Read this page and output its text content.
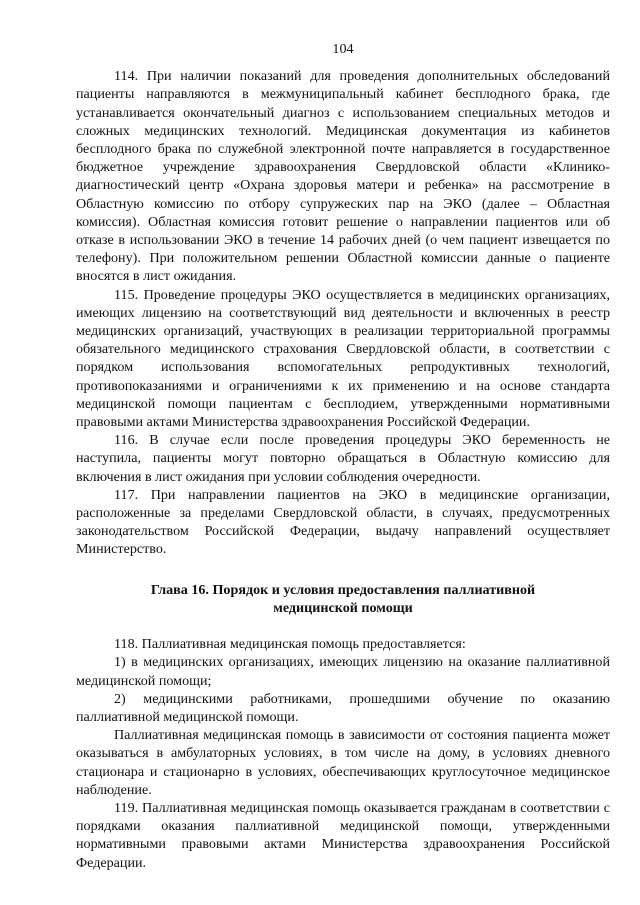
104

114. При наличии показаний для проведения дополнительных обследований пациенты направляются в межмуниципальный кабинет бесплодного брака, где устанавливается окончательный диагноз с использованием специальных методов и сложных медицинских технологий. Медицинская документация из кабинетов бесплодного брака по служебной электронной почте направляется в государственное бюджетное учреждение здравоохранения Свердловской области «Клинико-диагностический центр «Охрана здоровья матери и ребенка» на рассмотрение в Областную комиссию по отбору супружеских пар на ЭКО (далее – Областная комиссия). Областная комиссия готовит решение о направлении пациентов или об отказе в использовании ЭКО в течение 14 рабочих дней (о чем пациент извещается по телефону). При положительном решении Областной комиссии данные о пациенте вносятся в лист ожидания.

115. Проведение процедуры ЭКО осуществляется в медицинских организациях, имеющих лицензию на соответствующий вид деятельности и включенных в реестр медицинских организаций, участвующих в реализации территориальной программы обязательного медицинского страхования Свердловской области, в соответствии с порядком использования вспомогательных репродуктивных технологий, противопоказаниями и ограничениями к их применению и на основе стандарта медицинской помощи пациентам с бесплодием, утвержденными нормативными правовыми актами Министерства здравоохранения Российской Федерации.

116. В случае если после проведения процедуры ЭКО беременность не наступила, пациенты могут повторно обращаться в Областную комиссию для включения в лист ожидания при условии соблюдения очередности.

117. При направлении пациентов на ЭКО в медицинские организации, расположенные за пределами Свердловской области, в случаях, предусмотренных законодательством Российской Федерации, выдачу направлений осуществляет Министерство.

Глава 16. Порядок и условия предоставления паллиативной
медицинской помощи

118. Паллиативная медицинская помощь предоставляется:

1) в медицинских организациях, имеющих лицензию на оказание паллиативной медицинской помощи;

2) медицинскими работниками, прошедшими обучение по оказанию паллиативной медицинской помощи.

Паллиативная медицинская помощь в зависимости от состояния пациента может оказываться в амбулаторных условиях, в том числе на дому, в условиях дневного стационара и стационарно в условиях, обеспечивающих круглосуточное медицинское наблюдение.

119. Паллиативная медицинская помощь оказывается гражданам в соответствии с порядками оказания паллиативной медицинской помощи, утвержденными нормативными правовыми актами Министерства здравоохранения Российской Федерации.
